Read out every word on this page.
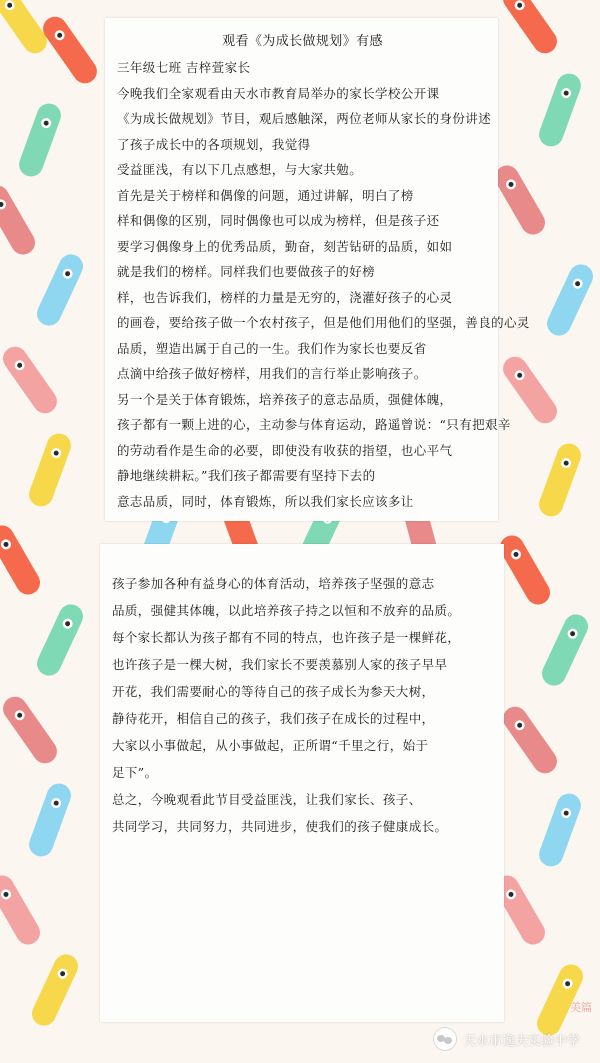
观看《为成长做规划》有感
三年级七班 吉梓萱家长
今晚我们全家观看由天水市教育局举办的家长学校公开课
《为成长做规划》节目，观后感触深，两位老师从家长的身份讲述
了孩子成长中的各项规划，我觉得
受益匪浅，有以下几点感想，与大家共勉。
首先是关于榜样和偶像的问题，通过讲解，明白了榜
样和偶像的区别，同时偶像也可以成为榜样，但是孩子还
要学习偶像身上的优秀品质，勤奋，刻苦钻研的品质，如如
就是我们的榜样。同样我们也要做孩子的好榜
样，也告诉我们，榜样的力量是无穷的，浇灌好孩子的心灵
的画卷，要给孩子做一个农村孩子，但是他们用他们的坚强，善良的心灵
品质，塑造出属于自己的一生。我们作为家长也要反省
点滴中给孩子做好榜样，用我们的言行举止影响孩子。
另一个是关于体育锻炼，培养孩子的意志品质，强健体魄，
孩子都有一颗上进的心，主动参与体育运动，路遥曾说：“只有把艰辛
的劳动看作是生命的必要，即使没有收获的指望，也心平气
静地继续耕耘。”我们孩子都需要有坚持下去的
意志品质，同时，体育锻炼，所以我们家长应该多让
孩子参加各种有益身心的体育活动，培养孩子坚强的意志
品质，强健其体魄，以此培养孩子持之以恒和不放弃的品质。
每个家长都认为孩子都有不同的特点，也许孩子是一棵鲜花，
也许孩子是一棵大树，我们家长不要羡慕别人家的孩子早早
开花，我们需要耐心的等待自己的孩子成长为参天大树，
静待花开，相信自己的孩子，我们孩子在成长的过程中，
大家以小事做起，从小事做起，正所谓“千里之行，始于
足下”。
总之，今晚观看此节目受益匪浅，让我们家长、孩子、
共同学习，共同努力，共同进步，使我们的孩子健康成长。
美篇
天水市逸夫实验中学
